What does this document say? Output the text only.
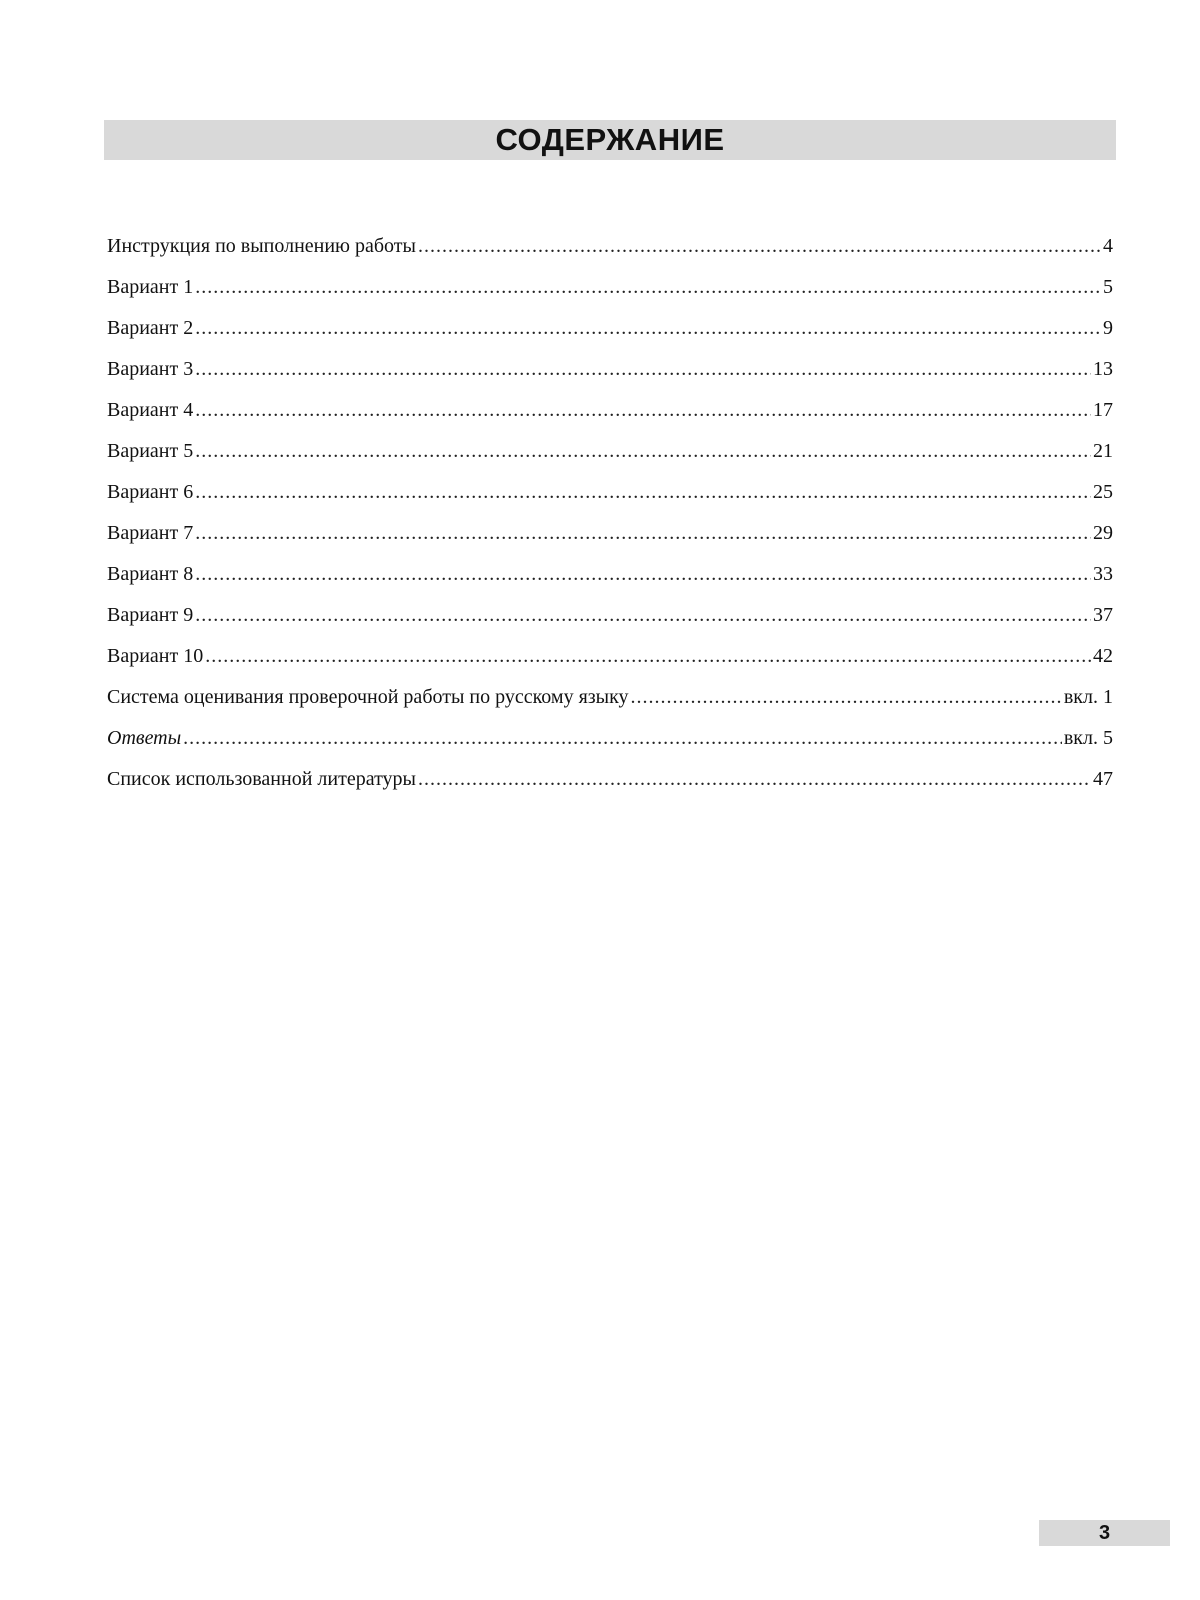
СОДЕРЖАНИЕ
Инструкция по выполнению работы .....	4
Вариант 1 .....	5
Вариант 2 .....	9
Вариант 3 .....	13
Вариант 4 .....	17
Вариант 5 .....	21
Вариант 6 .....	25
Вариант 7 .....	29
Вариант 8 .....	33
Вариант 9 .....	37
Вариант 10 .....	42
Система оценивания проверочной работы по русскому языку .....	вкл. 1
Ответы .....	вкл. 5
Список использованной литературы .....	47
3
